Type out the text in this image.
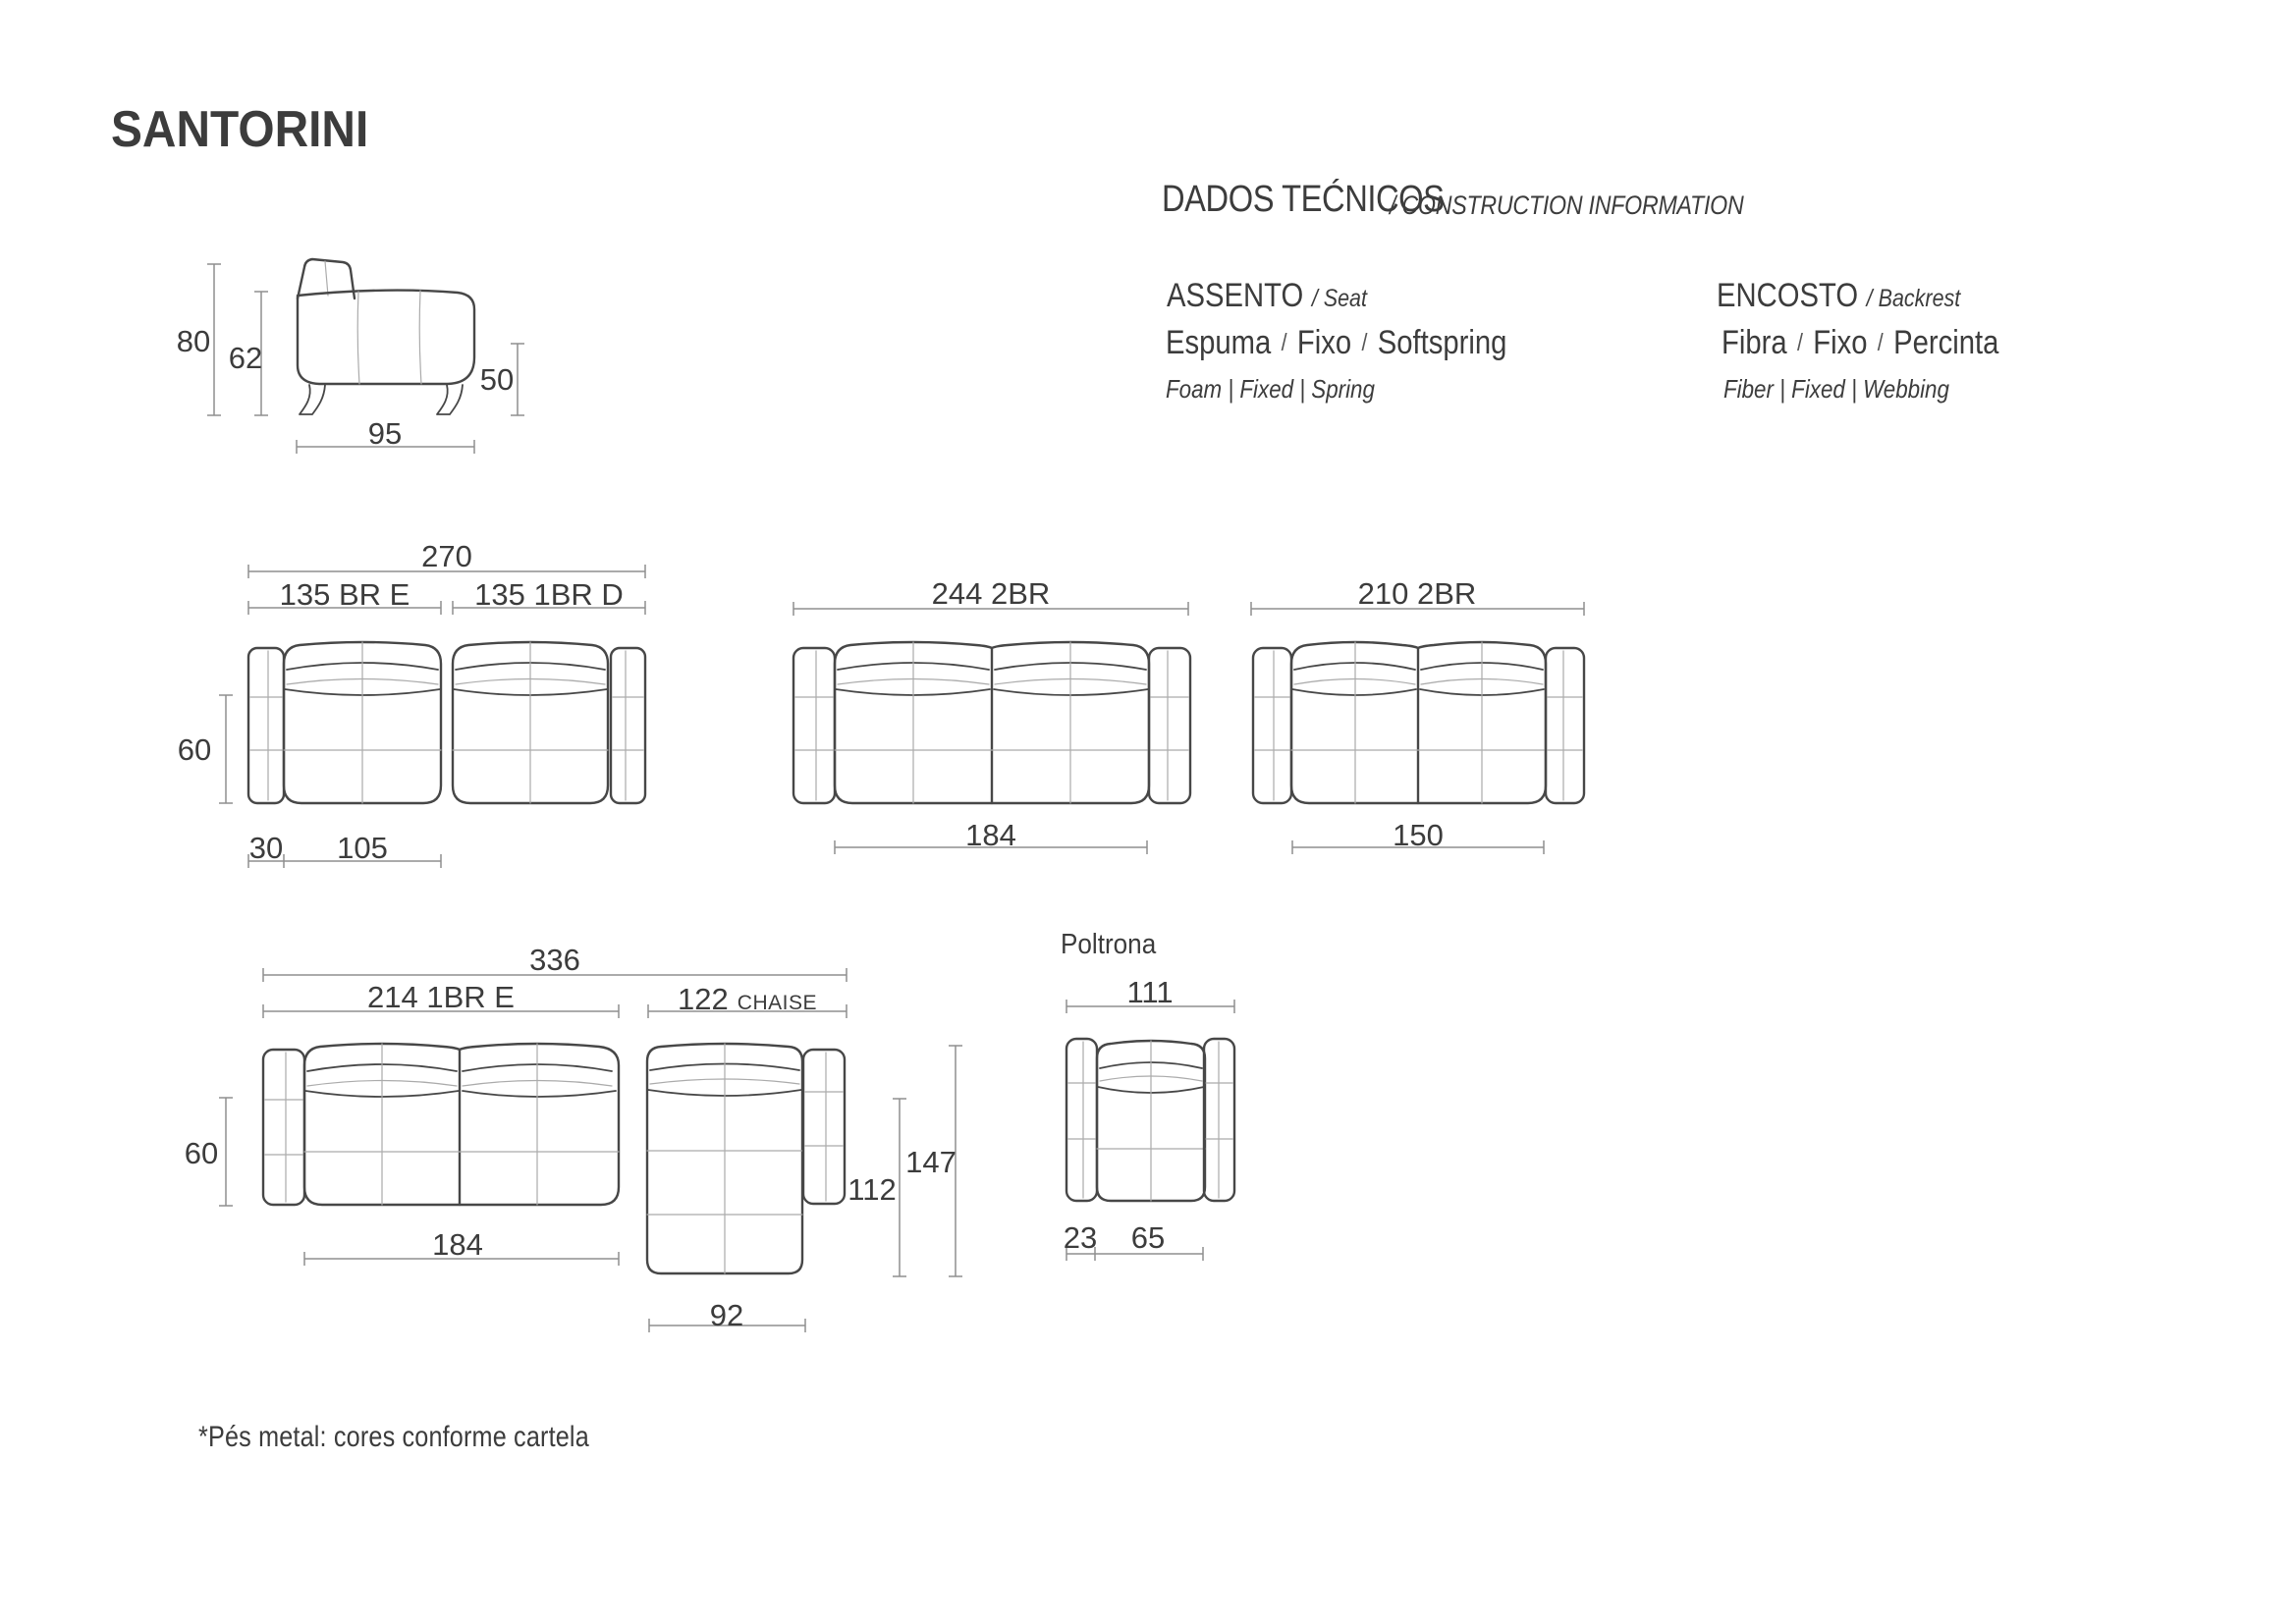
SANTORINI
DADOS TEĆNICOS
/ CONSTRUCTION INFORMATION
ASSENTO / Seat
Espuma / Fixo / Softspring
Foam | Fixed | Spring
ENCOSTO / Backrest
Fibra / Fixo / Percinta
Fiber | Fixed | Webbing
80 62
50
95
270
135 BR E 135 1BR D
60
30 105
244 2BR
184
210 2BR
150
336
214 1BR E	122 CHAISE
60
184
112
147
92
Poltrona
111
23 65
*Pés metal: cores conforme cartela
